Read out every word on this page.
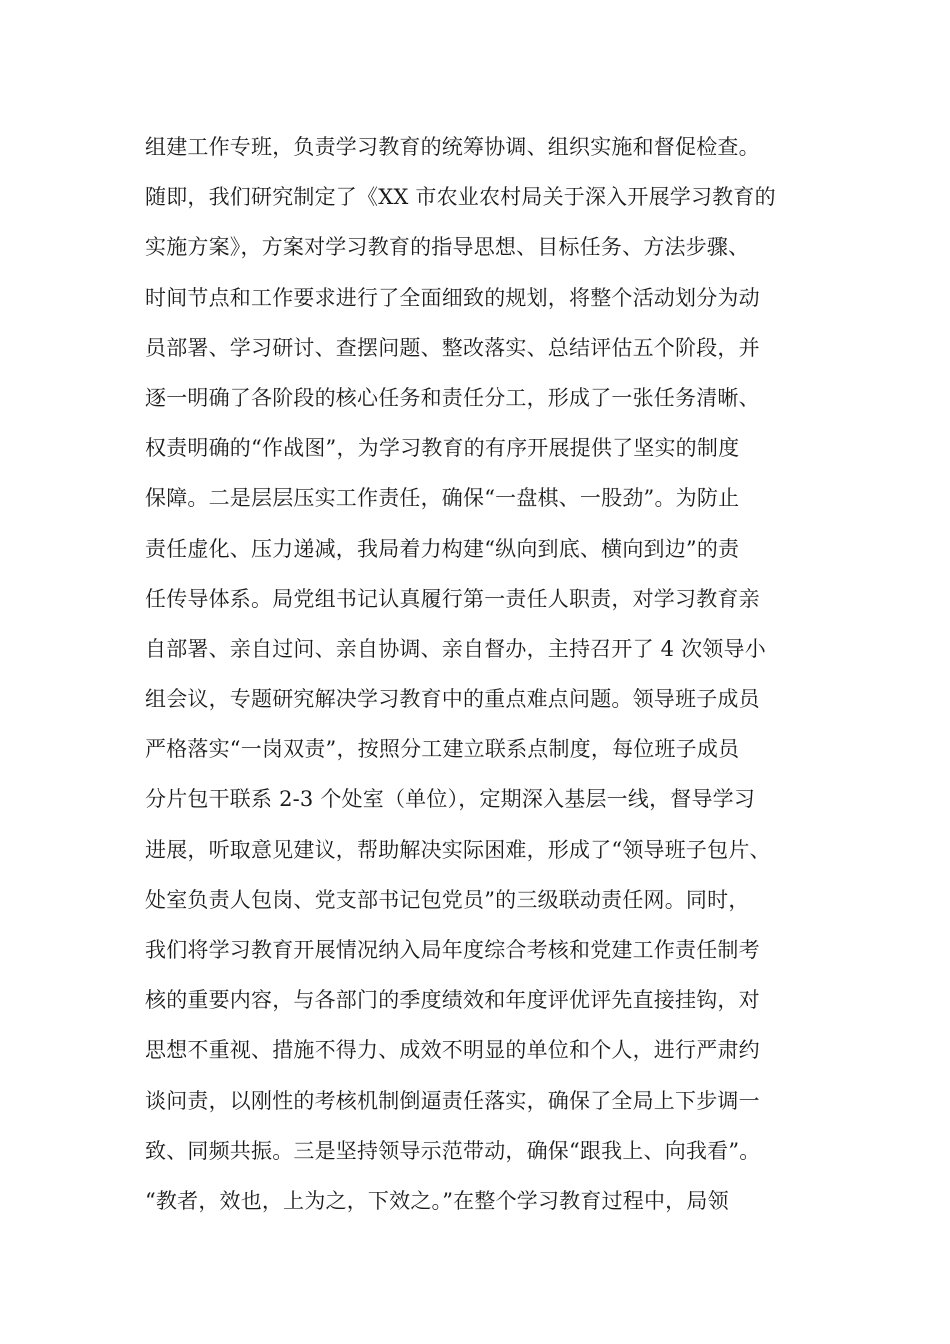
组建工作专班，负责学习教育的统筹协调、组织实施和督促检查。
随即，我们研究制定了《XX 市农业农村局关于深入开展学习教育的
实施方案》，方案对学习教育的指导思想、目标任务、方法步骤、
时间节点和工作要求进行了全面细致的规划，将整个活动划分为动
员部署、学习研讨、查摆问题、整改落实、总结评估五个阶段，并
逐一明确了各阶段的核心任务和责任分工，形成了一张任务清晰、
权责明确的“作战图”，为学习教育的有序开展提供了坚实的制度
保障。二是层层压实工作责任，确保“一盘棋、一股劲”。为防止
责任虚化、压力递减，我局着力构建“纵向到底、横向到边”的责
任传导体系。局党组书记认真履行第一责任人职责，对学习教育亲
自部署、亲自过问、亲自协调、亲自督办，主持召开了 4 次领导小
组会议，专题研究解决学习教育中的重点难点问题。领导班子成员
严格落实“一岗双责”，按照分工建立联系点制度，每位班子成员
分片包干联系 2-3 个处室（单位），定期深入基层一线，督导学习
进展，听取意见建议，帮助解决实际困难，形成了“领导班子包片、
处室负责人包岗、党支部书记包党员”的三级联动责任网。同时，
我们将学习教育开展情况纳入局年度综合考核和党建工作责任制考
核的重要内容，与各部门的季度绩效和年度评优评先直接挂钩，对
思想不重视、措施不得力、成效不明显的单位和个人，进行严肃约
谈问责，以刚性的考核机制倒逼责任落实，确保了全局上下步调一
致、同频共振。三是坚持领导示范带动，确保“跟我上、向我看”。
“教者，效也，上为之，下效之。”在整个学习教育过程中，局领
